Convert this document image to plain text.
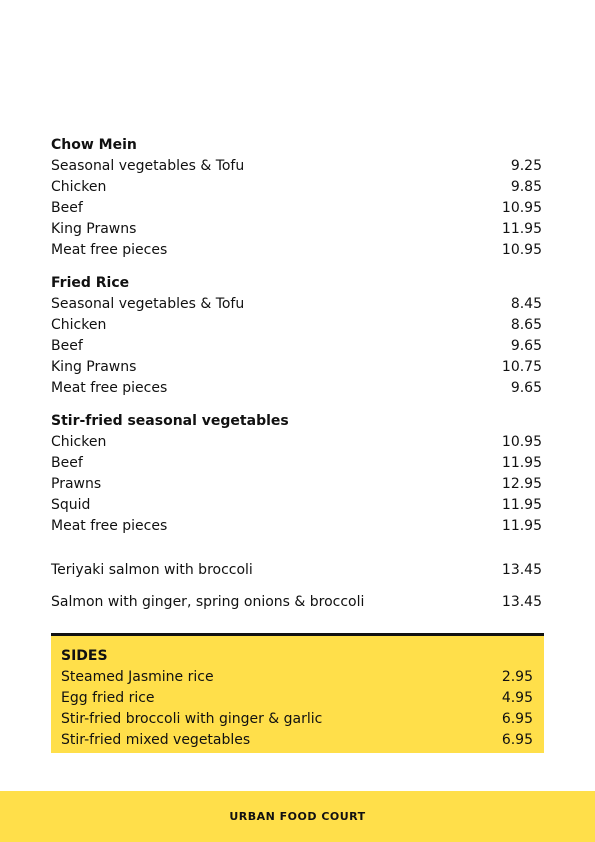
Chow Mein
Seasonal vegetables & Tofu	9.25
Chicken	9.85
Beef	10.95
King Prawns	11.95
Meat free pieces	10.95
Fried Rice
Seasonal vegetables & Tofu	8.45
Chicken	8.65
Beef	9.65
King Prawns	10.75
Meat free pieces	9.65
Stir-fried seasonal vegetables
Chicken	10.95
Beef	11.95
Prawns	12.95
Squid	11.95
Meat free pieces	11.95
Teriyaki salmon with broccoli	13.45
Salmon with ginger, spring onions & broccoli	13.45
SIDES
Steamed Jasmine rice	2.95
Egg fried rice	4.95
Stir-fried broccoli with ginger & garlic	6.95
Stir-fried mixed vegetables	6.95
URBAN FOOD COURT
